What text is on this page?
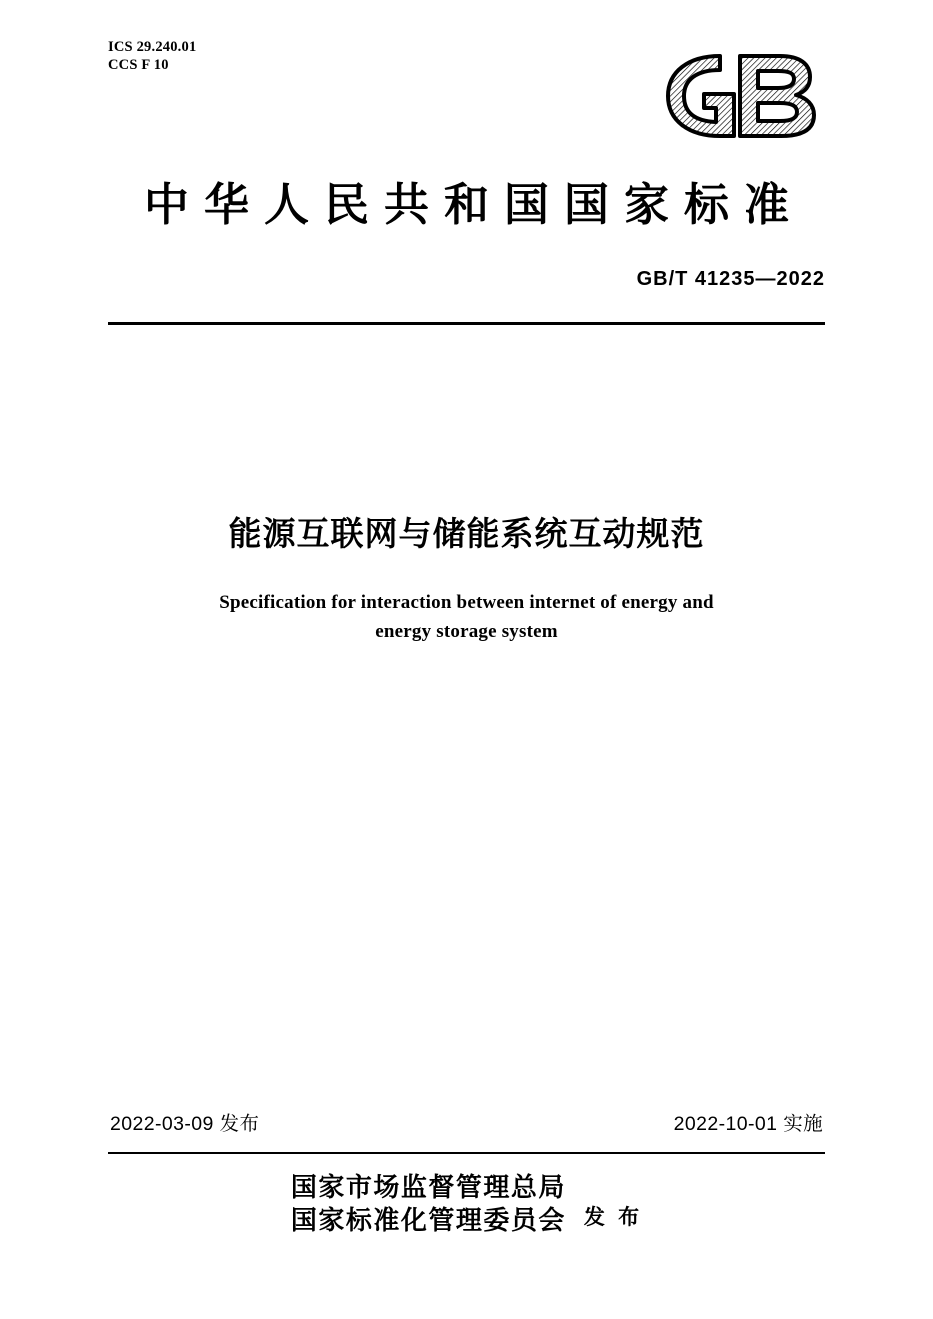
ICS 29.240.01
CCS F 10
中华人民共和国国家标准
GB/T 41235—2022
能源互联网与储能系统互动规范
Specification for interaction between internet of energy and
energy storage system
2022-03-09 发布	2022-10-01 实施
国家市场监督管理总局
国家标准化管理委员会 发 布
